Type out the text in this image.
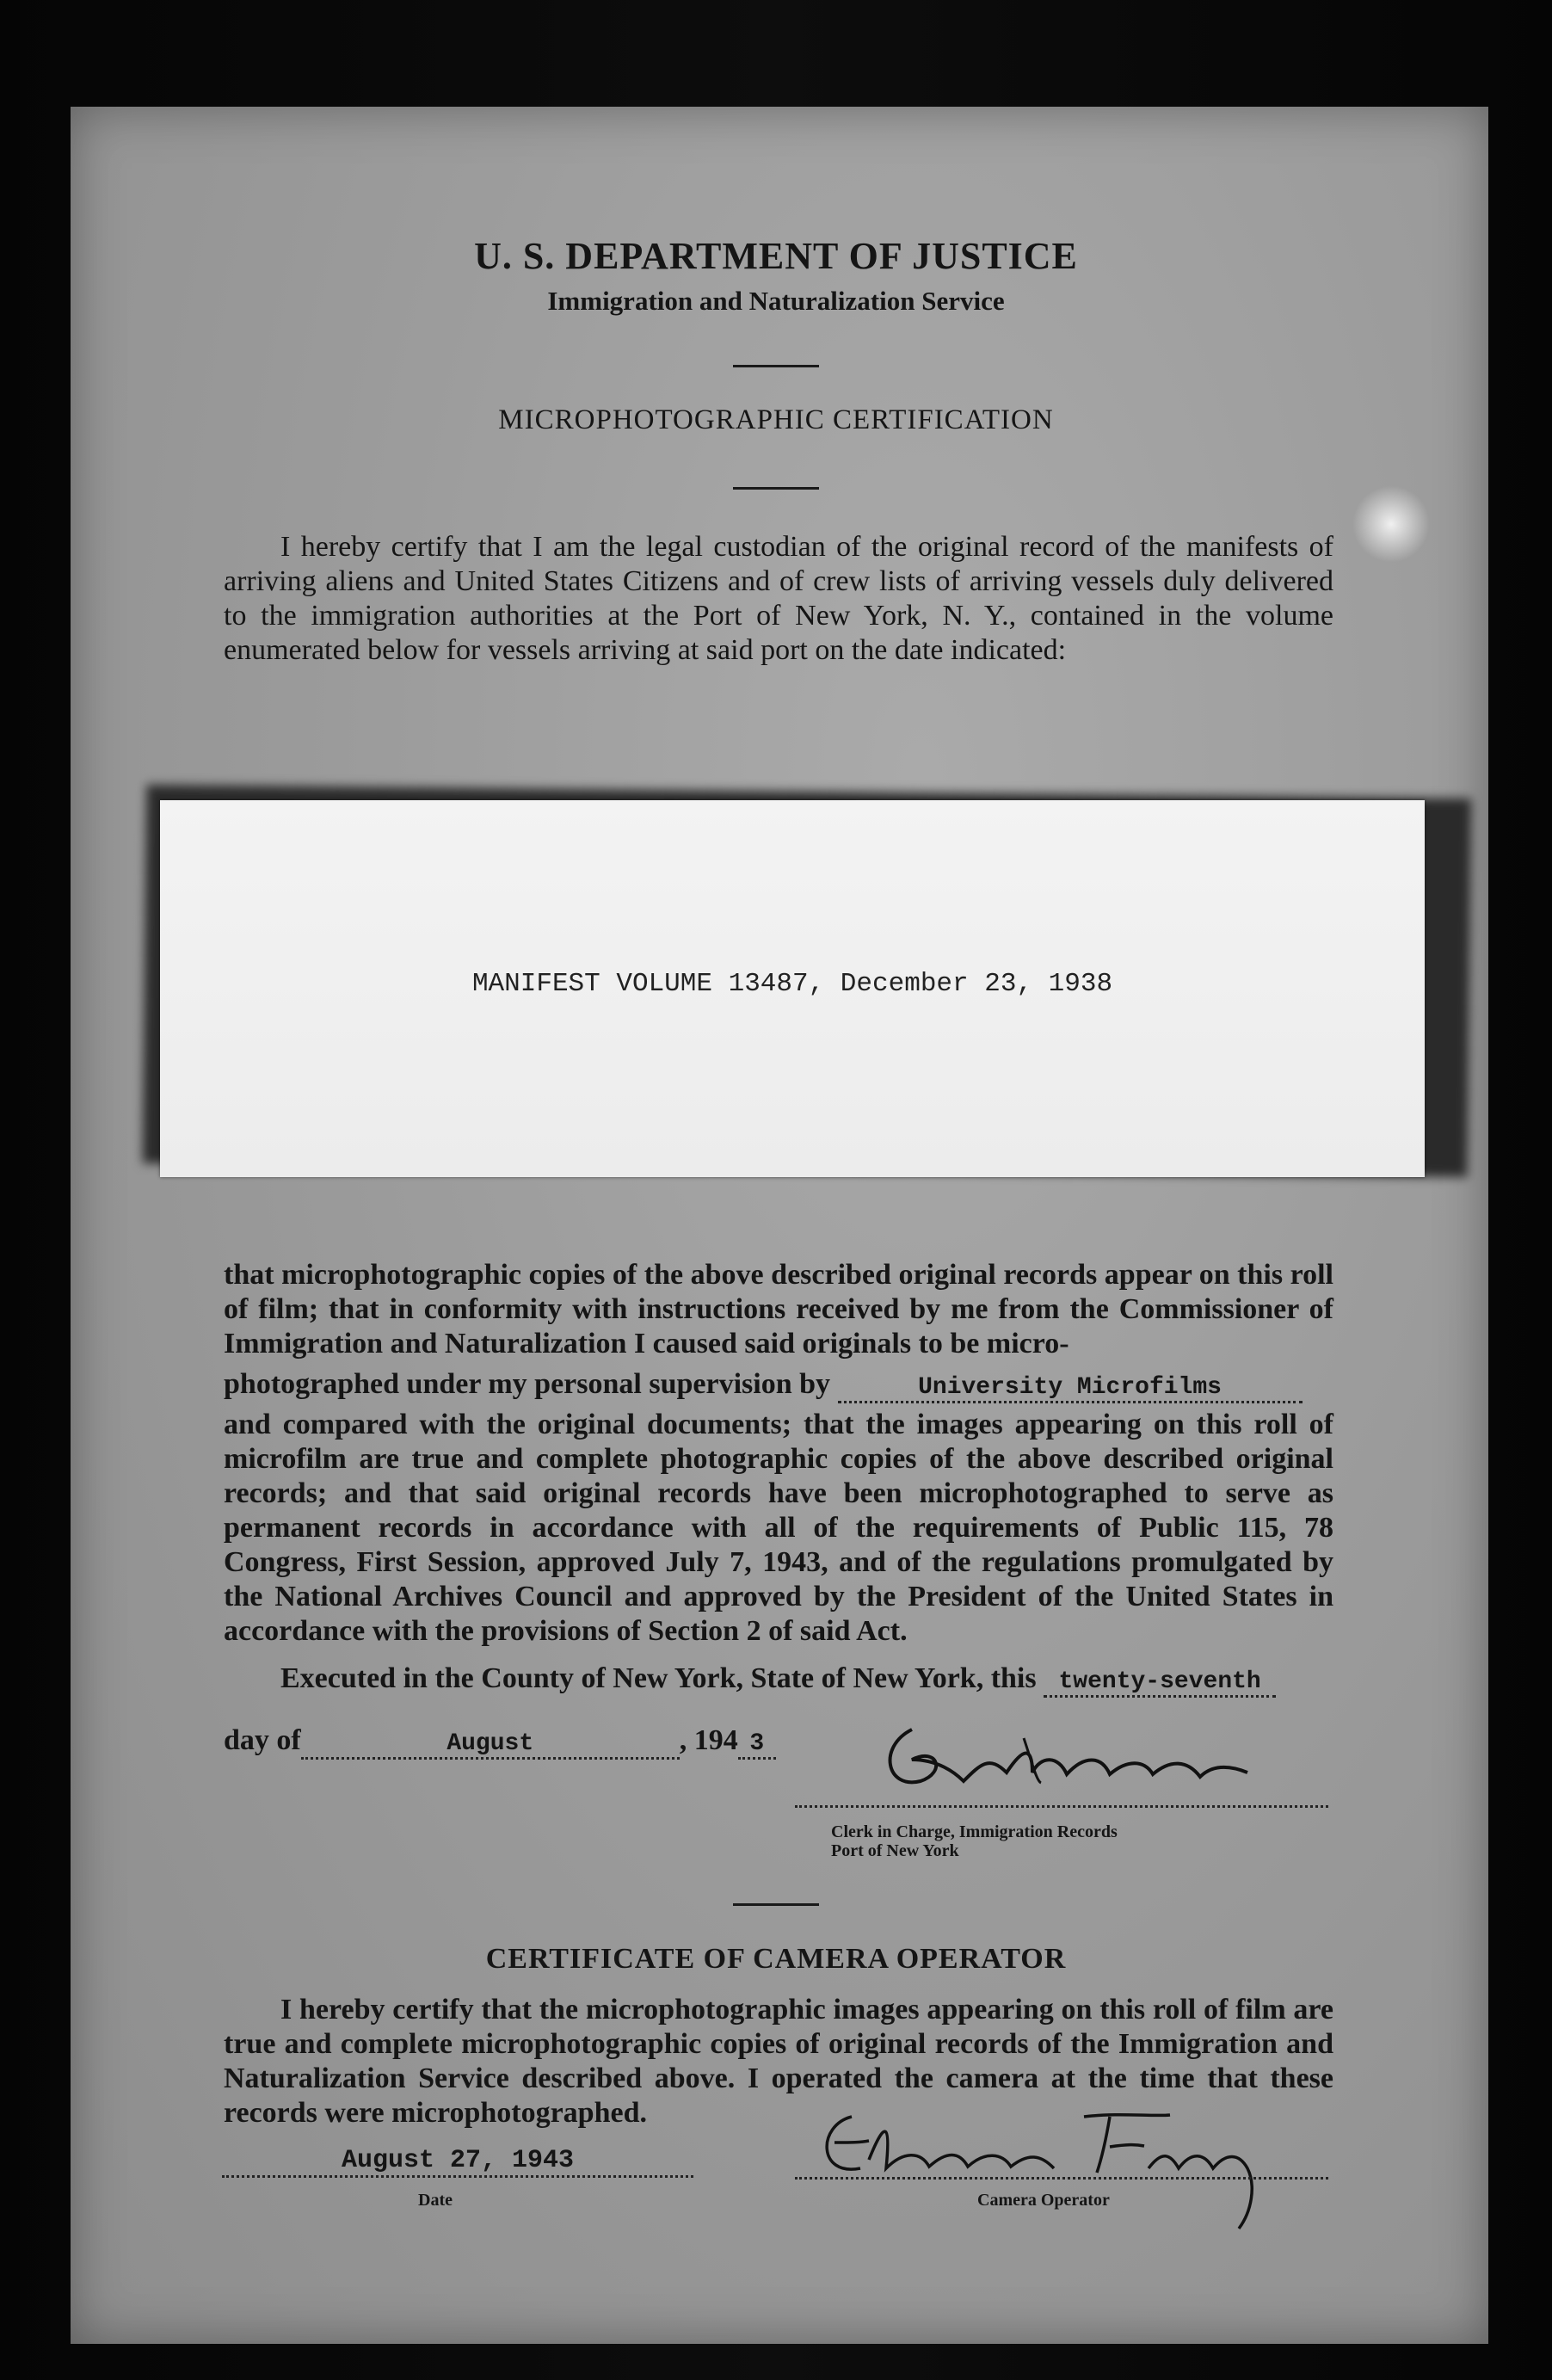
U. S. DEPARTMENT OF JUSTICE
Immigration and Naturalization Service
MICROPHOTOGRAPHIC CERTIFICATION
I hereby certify that I am the legal custodian of the original record of the manifests of arriving aliens and United States Citizens and of crew lists of arriving vessels duly delivered to the immigration authorities at the Port of New York, N. Y., contained in the volume enumerated below for vessels arriving at said port on the date indicated:
MANIFEST VOLUME 13487, December 23, 1938
that microphotographic copies of the above described original records appear on this roll of film; that in conformity with instructions received by me from the Commissioner of Immigration and Naturalization I caused said originals to be micro-
photographed under my personal supervision by	University Microfilms
and compared with the original documents; that the images appearing on this roll of microfilm are true and complete photographic copies of the above described original records; and that said original records have been microphotographed to serve as permanent records in accordance with all of the requirements of Public 115, 78 Congress, First Session, approved July 7, 1943, and of the regulations promulgated by the National Archives Council and approved by the President of the United States in accordance with the provisions of Section 2 of said Act.
Executed in the County of New York, State of New York, this twenty-seventh
day of	August	, 194 3
Clerk in Charge, Immigration Records
Port of New York
CERTIFICATE OF CAMERA OPERATOR
I hereby certify that the microphotographic images appearing on this roll of film are true and complete microphotographic copies of original records of the Immigration and Naturalization Service described above. I operated the camera at the time that these records were microphotographed.
August 27, 1943
Date	Camera Operator
